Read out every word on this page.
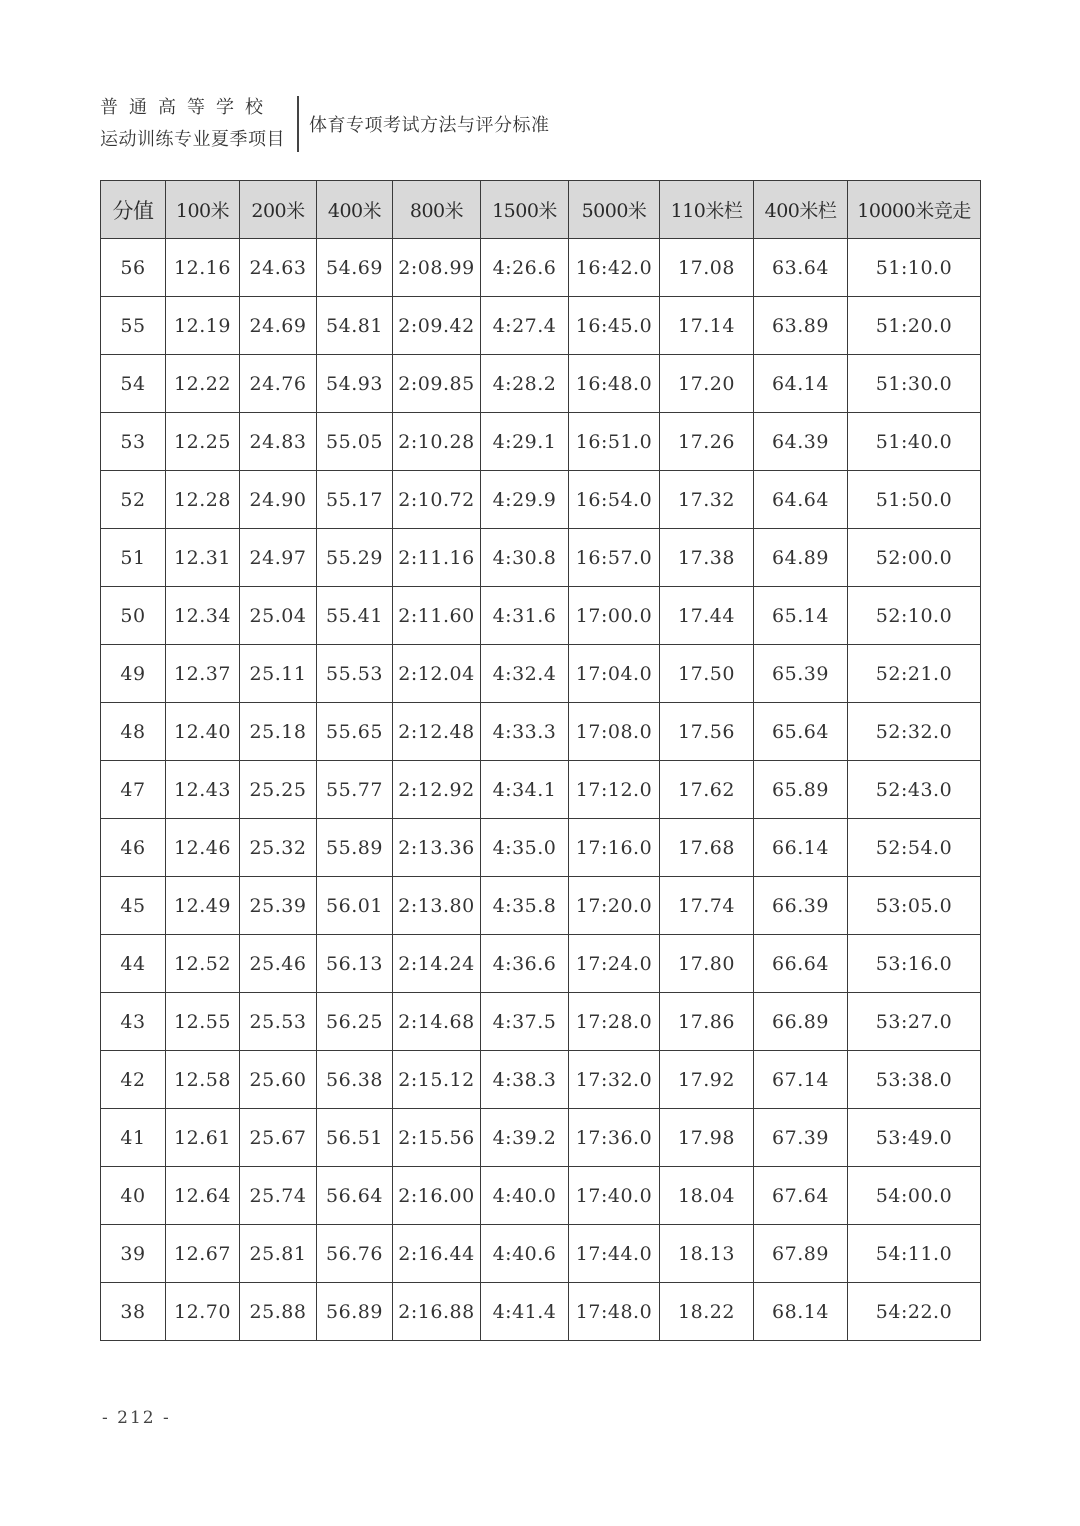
普通高等学校
运动训练专业夏季项目
体育专项考试方法与评分标准
分值	100米	200米	400米	800米	1500米	5000米	110米栏	400米栏	10000米竞走
56	12.16	24.63	54.69	2:08.99	4:26.6	16:42.0	17.08	63.64	51:10.0
55	12.19	24.69	54.81	2:09.42	4:27.4	16:45.0	17.14	63.89	51:20.0
54	12.22	24.76	54.93	2:09.85	4:28.2	16:48.0	17.20	64.14	51:30.0
53	12.25	24.83	55.05	2:10.28	4:29.1	16:51.0	17.26	64.39	51:40.0
52	12.28	24.90	55.17	2:10.72	4:29.9	16:54.0	17.32	64.64	51:50.0
51	12.31	24.97	55.29	2:11.16	4:30.8	16:57.0	17.38	64.89	52:00.0
50	12.34	25.04	55.41	2:11.60	4:31.6	17:00.0	17.44	65.14	52:10.0
49	12.37	25.11	55.53	2:12.04	4:32.4	17:04.0	17.50	65.39	52:21.0
48	12.40	25.18	55.65	2:12.48	4:33.3	17:08.0	17.56	65.64	52:32.0
47	12.43	25.25	55.77	2:12.92	4:34.1	17:12.0	17.62	65.89	52:43.0
46	12.46	25.32	55.89	2:13.36	4:35.0	17:16.0	17.68	66.14	52:54.0
45	12.49	25.39	56.01	2:13.80	4:35.8	17:20.0	17.74	66.39	53:05.0
44	12.52	25.46	56.13	2:14.24	4:36.6	17:24.0	17.80	66.64	53:16.0
43	12.55	25.53	56.25	2:14.68	4:37.5	17:28.0	17.86	66.89	53:27.0
42	12.58	25.60	56.38	2:15.12	4:38.3	17:32.0	17.92	67.14	53:38.0
41	12.61	25.67	56.51	2:15.56	4:39.2	17:36.0	17.98	67.39	53:49.0
40	12.64	25.74	56.64	2:16.00	4:40.0	17:40.0	18.04	67.64	54:00.0
39	12.67	25.81	56.76	2:16.44	4:40.6	17:44.0	18.13	67.89	54:11.0
38	12.70	25.88	56.89	2:16.88	4:41.4	17:48.0	18.22	68.14	54:22.0
- 212 -
